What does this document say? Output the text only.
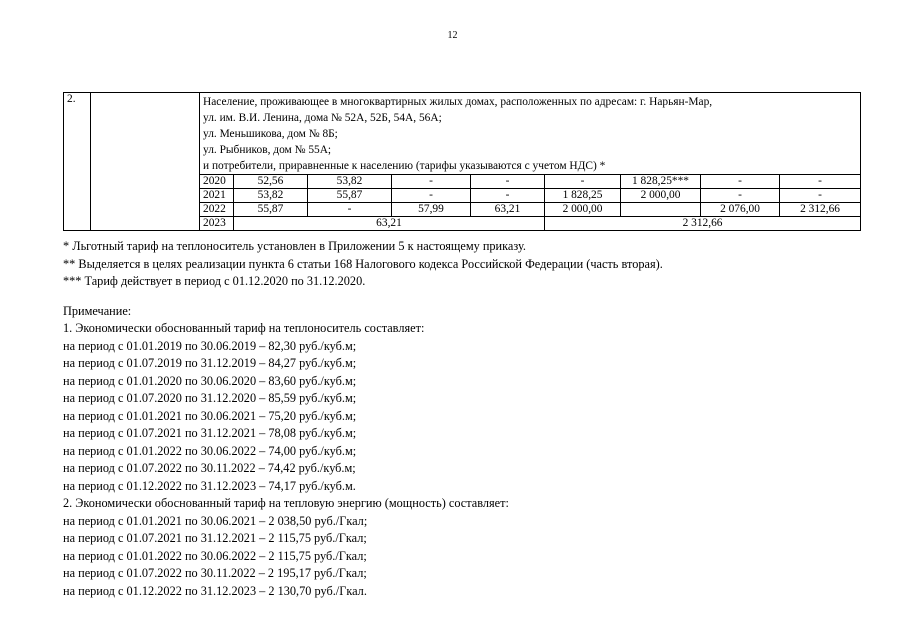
12
2.		Население, проживающее в многоквартирных жилых домах, расположенных по адресам: г. Нарьян-Мар,
ул. им. В.И. Ленина, дома № 52А, 52Б, 54А, 56А;
ул. Меньшикова, дом № 8Б;
ул. Рыбников, дом № 55А;
и потребители, приравненные к населению (тарифы указываются с учетом НДС) *								

		2020	52,56	53,82	-	-	-	1 828,25***	-	-
		2021	53,82	55,87	-	-	1 828,25	2 000,00	-	-
		2022	55,87	-	57,99	63,21	2 000,00		2 076,00	2 312,66
		2023	63,21				2 312,66			
* Льготный тариф на теплоноситель установлен в Приложении 5 к настоящему приказу.
** Выделяется в целях реализации пункта 6 статьи 168 Налогового кодекса Российской Федерации (часть вторая).
*** Тариф действует в период с 01.12.2020 по 31.12.2020.
Примечание:
1. Экономически обоснованный тариф на теплоноситель составляет:
на период с 01.01.2019 по 30.06.2019 – 82,30 руб./куб.м;
на период с 01.07.2019 по 31.12.2019 – 84,27 руб./куб.м;
на период с 01.01.2020 по 30.06.2020 – 83,60 руб./куб.м;
на период с 01.07.2020 по 31.12.2020 – 85,59 руб./куб.м;
на период с 01.01.2021 по 30.06.2021 – 75,20 руб./куб.м;
на период с 01.07.2021 по 31.12.2021 – 78,08 руб./куб.м;
на период с 01.01.2022 по 30.06.2022 – 74,00 руб./куб.м;
на период с 01.07.2022 по 30.11.2022 – 74,42 руб./куб.м;
на период с 01.12.2022 по 31.12.2023 – 74,17 руб./куб.м.
2. Экономически обоснованный тариф на тепловую энергию (мощность) составляет:
на период с 01.01.2021 по 30.06.2021 – 2 038,50 руб./Гкал;
на период с 01.07.2021 по 31.12.2021 – 2 115,75 руб./Гкал;
на период с 01.01.2022 по 30.06.2022 – 2 115,75 руб./Гкал;
на период с 01.07.2022 по 30.11.2022 – 2 195,17 руб./Гкал;
на период с 01.12.2022 по 31.12.2023 – 2 130,70 руб./Гкал.
